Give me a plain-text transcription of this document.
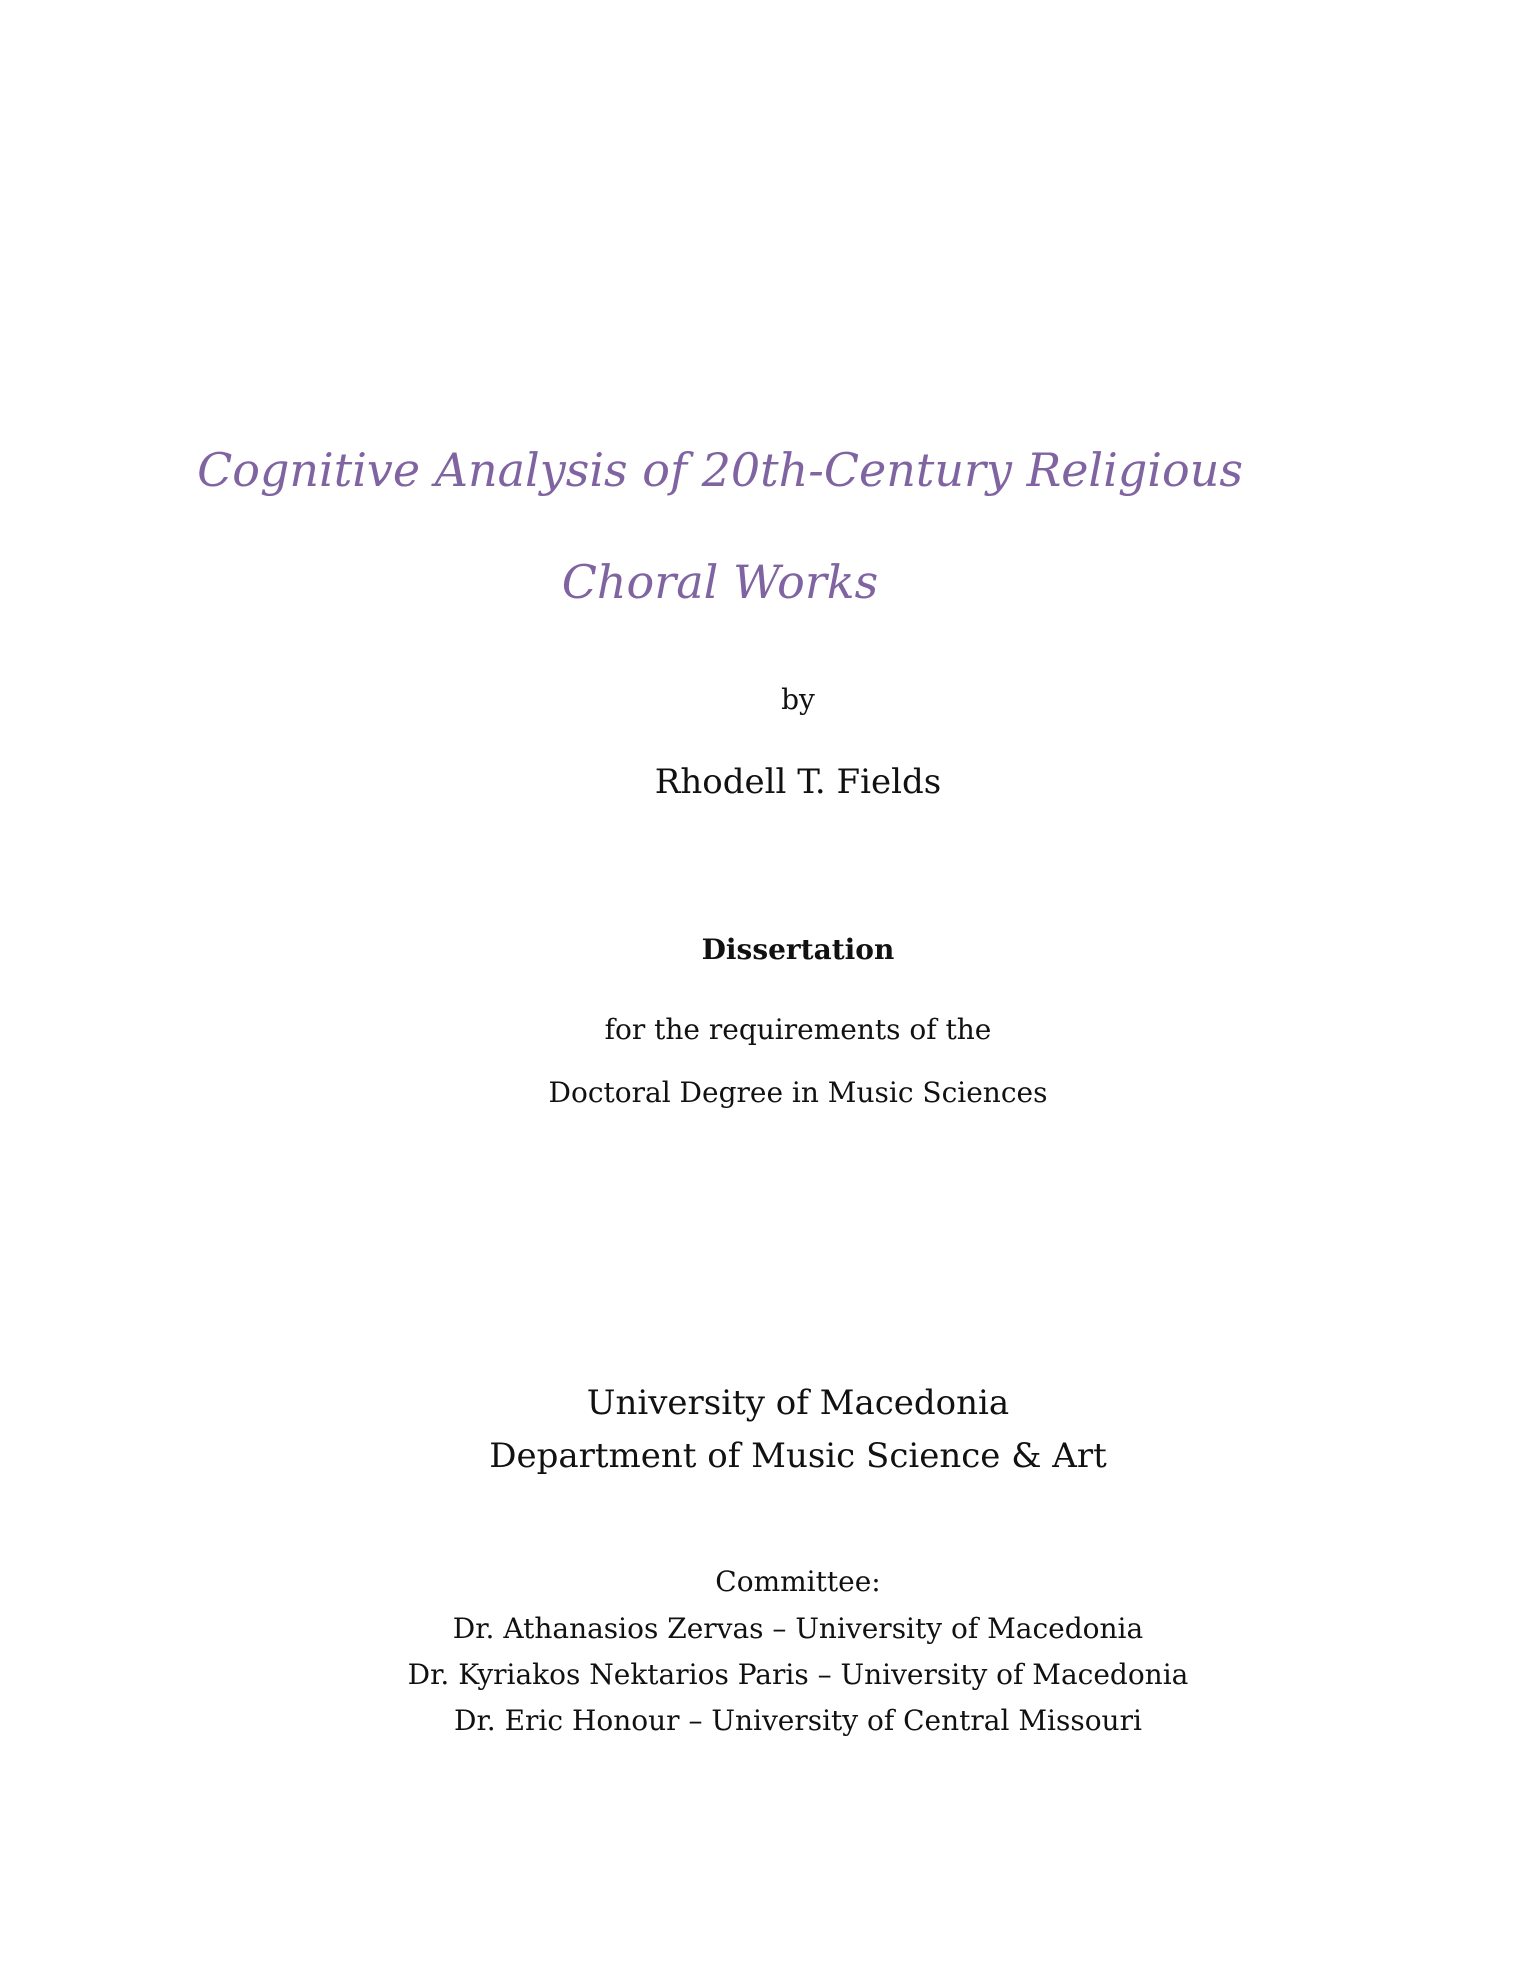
Cognitive Analysis of 20th-Century Religious
Choral Works
by
Rhodell T. Fields
Dissertation
for the requirements of the
Doctoral Degree in Music Sciences
University of Macedonia
Department of Music Science & Art
Committee:
Dr. Athanasios Zervas – University of Macedonia
Dr. Kyriakos Nektarios Paris – University of Macedonia
Dr. Eric Honour – University of Central Missouri
